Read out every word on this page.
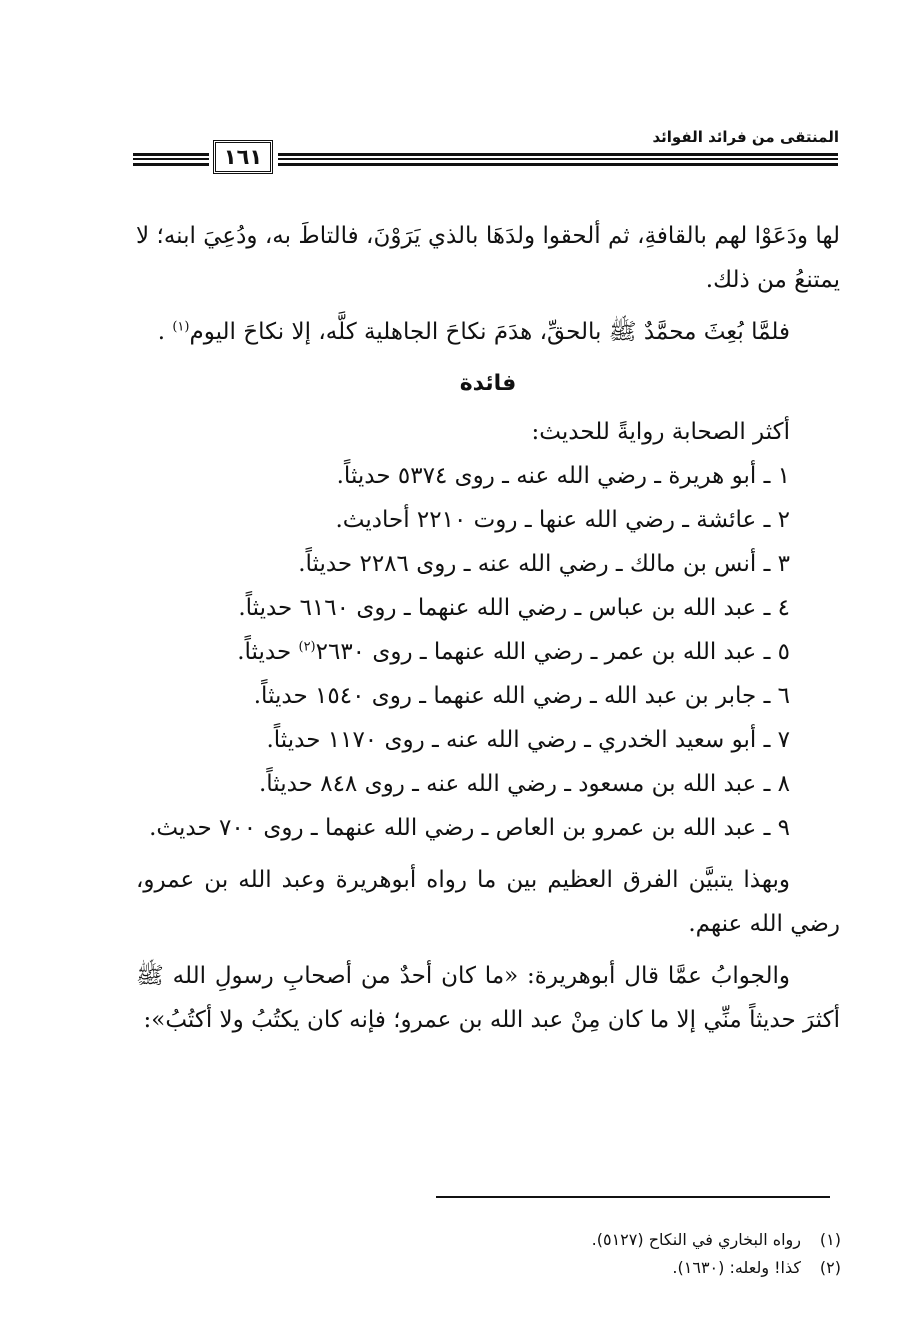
المنتقى من فرائد الفوائد
١٦١

لها ودَعَوْا لهم بالقافةِ، ثم ألحقوا ولدَهَا بالذي يَرَوْنَ، فالتاطَ به، ودُعِيَ ابنه؛ لا يمتنعُ من ذلك.

فلمَّا بُعِثَ محمَّدٌ ﷺ بالحقِّ، هدَمَ نكاحَ الجاهلية كلَّه، إلا نكاحَ اليوم$^{(١)}$ .

فائدة

أكثر الصحابة روايةً للحديث:

١ ـ أبو هريرة ـ رضي الله عنه ـ روى ٥٣٧٤ حديثاً.
٢ ـ عائشة ـ رضي الله عنها ـ روت ٢٢١٠ أحاديث.
٣ ـ أنس بن مالك ـ رضي الله عنه ـ روى ٢٢٨٦ حديثاً.
٤ ـ عبد الله بن عباس ـ رضي الله عنهما ـ روى ٦١٦٠ حديثاً.
٥ ـ عبد الله بن عمر ـ رضي الله عنهما ـ روى ٢٦٣٠$^{(٢)}$ حديثاً.
٦ ـ جابر بن عبد الله ـ رضي الله عنهما ـ روى ١٥٤٠ حديثاً.
٧ ـ أبو سعيد الخدري ـ رضي الله عنه ـ روى ١١٧٠ حديثاً.
٨ ـ عبد الله بن مسعود ـ رضي الله عنه ـ روى ٨٤٨ حديثاً.
٩ ـ عبد الله بن عمرو بن العاص ـ رضي الله عنهما ـ روى ٧٠٠ حديث.

وبهذا يتبيَّن الفرق العظيم بين ما رواه أبوهريرة وعبد الله بن عمرو، رضي الله عنهم.

والجوابُ عمَّا قال أبوهريرة: «ما كان أحدٌ من أصحابِ رسولِ الله ﷺ أكثرَ حديثاً منِّي إلا ما كان مِنْ عبد الله بن عمرو؛ فإنه كان يكتُبُ ولا أكتُبُ»:

(١)رواه البخاري في النكاح (٥١٢٧).
(٢)كذا! ولعله: (١٦٣٠).
